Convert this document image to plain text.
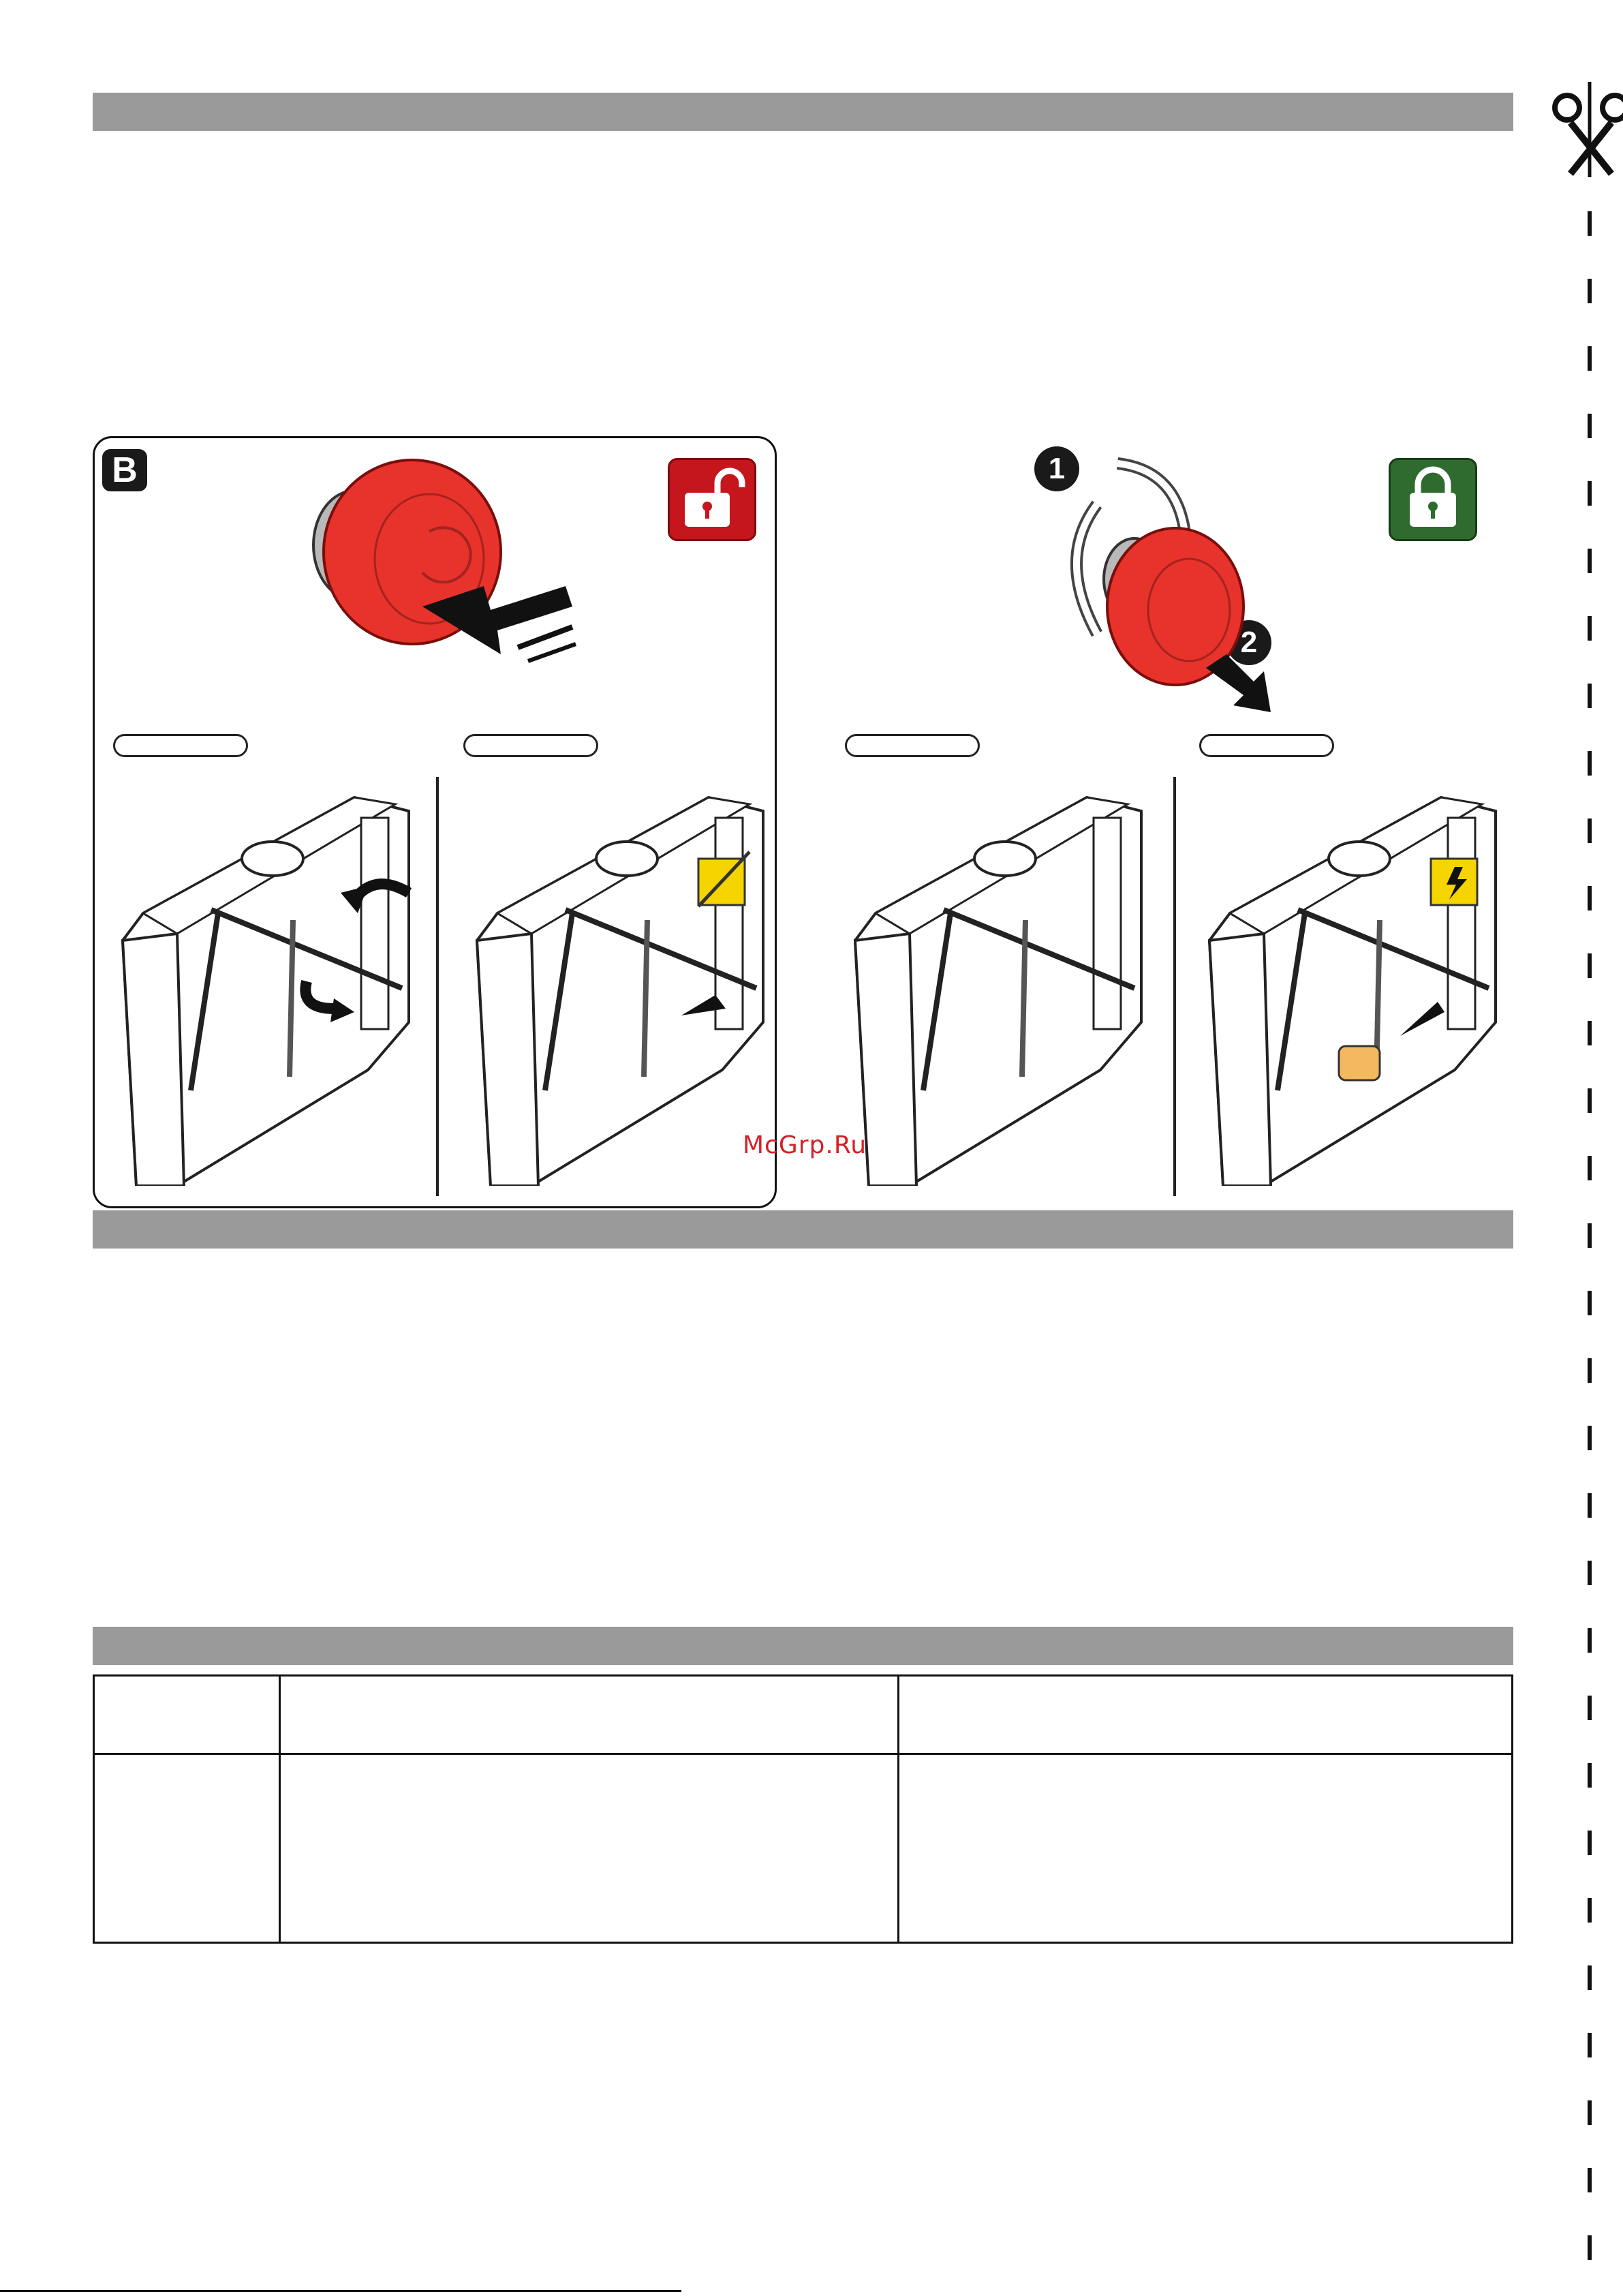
B	1
2
McGrp.Ru
